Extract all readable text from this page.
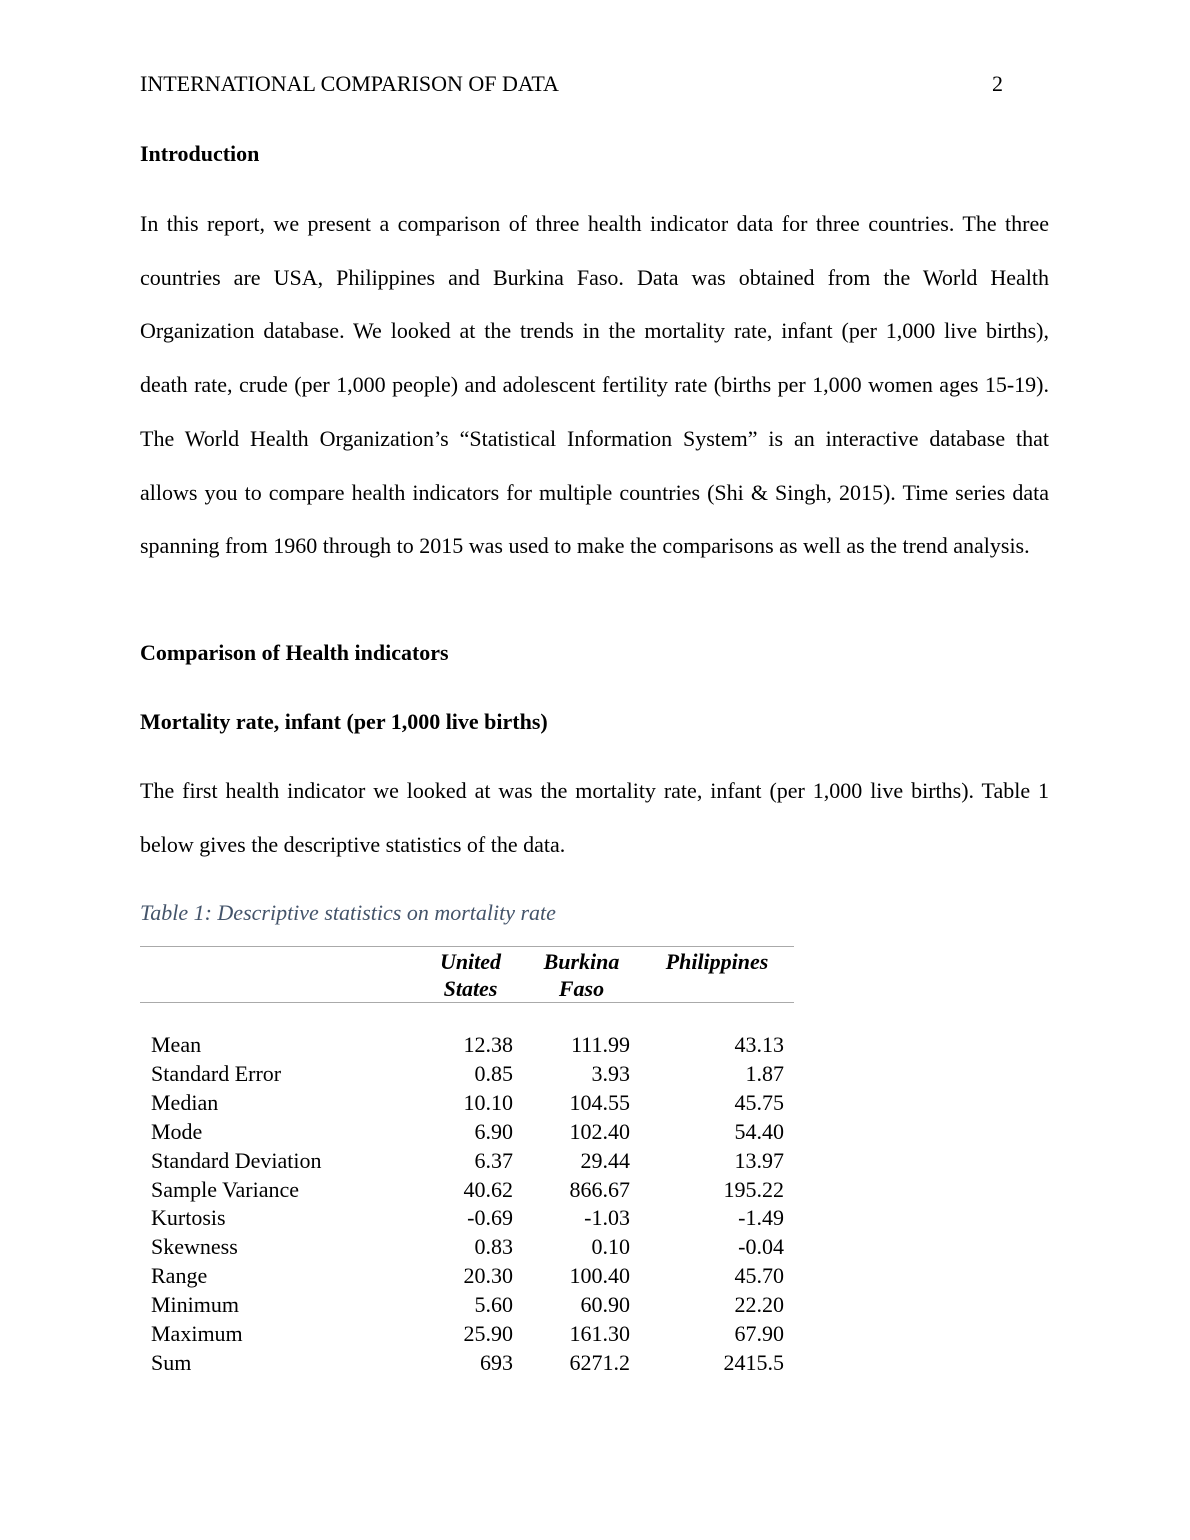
INTERNATIONAL COMPARISON OF DATA	2
Introduction

In this report, we present a comparison of three health indicator data for three countries. The three countries are USA, Philippines and Burkina Faso. Data was obtained from the World Health Organization database. We looked at the trends in the mortality rate, infant (per 1,000 live births), death rate, crude (per 1,000 people) and adolescent fertility rate (births per 1,000 women ages 15-19). The World Health Organization’s “Statistical Information System” is an interactive database that allows you to compare health indicators for multiple countries (Shi & Singh, 2015). Time series data spanning from 1960 through to 2015 was used to make the comparisons as well as the trend analysis.

Comparison of Health indicators
Mortality rate, infant (per 1,000 live births)

The first health indicator we looked at was the mortality rate, infant (per 1,000 live births). Table 1 below gives the descriptive statistics of the data.

Table 1: Descriptive statistics on mortality rate

	United States	Burkina Faso	Philippines

Mean	12.38	111.99	43.13
Standard Error	0.85	3.93	1.87
Median	10.10	104.55	45.75
Mode	6.90	102.40	54.40
Standard Deviation	6.37	29.44	13.97
Sample Variance	40.62	866.67	195.22
Kurtosis	-0.69	-1.03	-1.49
Skewness	0.83	0.10	-0.04
Range	20.30	100.40	45.70
Minimum	5.60	60.90	22.20
Maximum	25.90	161.30	67.90
Sum	693	6271.2	2415.5
